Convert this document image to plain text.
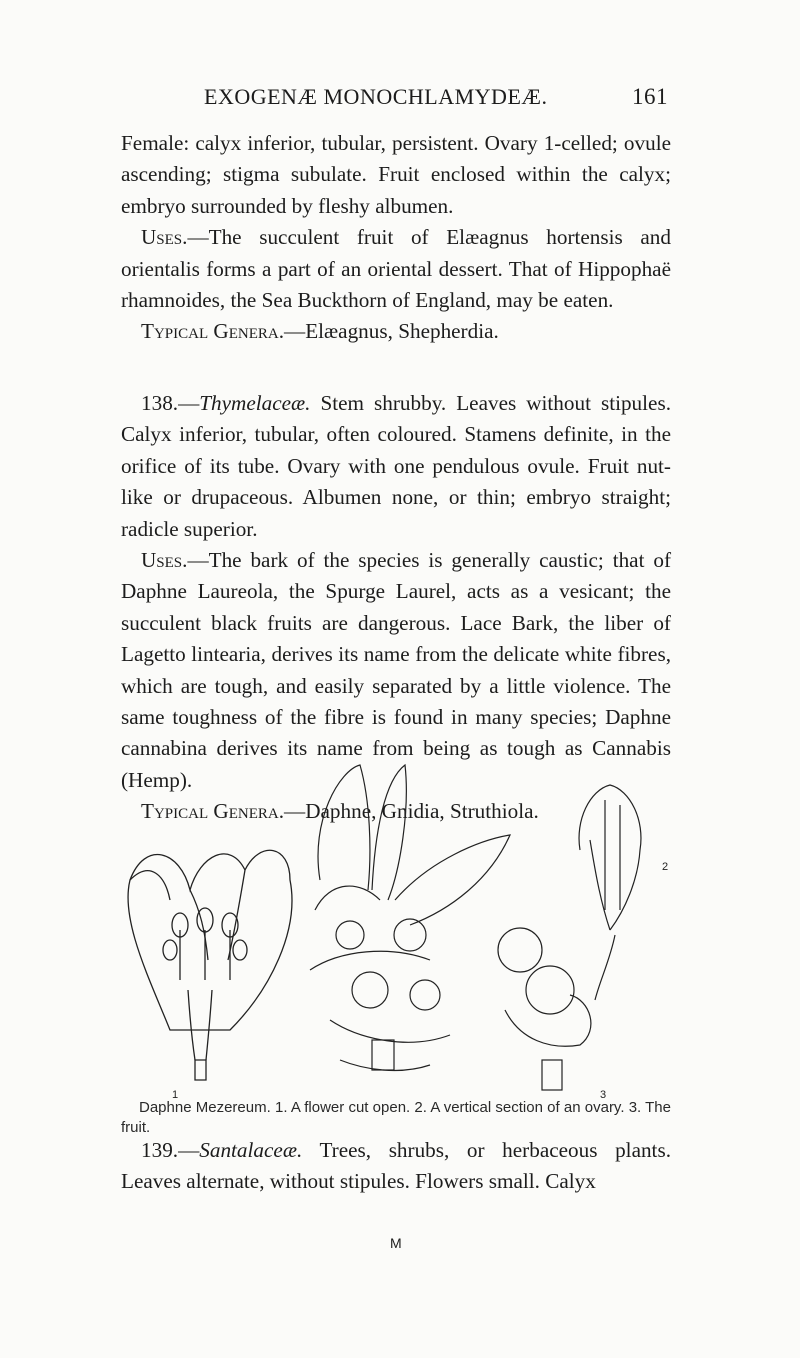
EXOGENÆ MONOCHLAMYDEÆ.	161

Female: calyx inferior, tubular, persistent. Ovary 1-celled; ovule ascending; stigma subulate. Fruit enclosed within the calyx; embryo surrounded by fleshy albumen.

Uses.—The succulent fruit of Elæagnus hortensis and orientalis forms a part of an oriental dessert. That of Hippophaë rhamnoides, the Sea Buckthorn of England, may be eaten.

Typical Genera.—Elæagnus, Shepherdia.

138.—Thymelaceæ. Stem shrubby. Leaves without stipules. Calyx inferior, tubular, often coloured. Stamens definite, in the orifice of its tube. Ovary with one pendulous ovule. Fruit nut-like or drupaceous. Albumen none, or thin; embryo straight; radicle superior.

Uses.—The bark of the species is generally caustic; that of Daphne Laureola, the Spurge Laurel, acts as a vesicant; the succulent black fruits are dangerous. Lace Bark, the liber of Lagetto lintearia, derives its name from the delicate white fibres, which are tough, and easily separated by a little violence. The same toughness of the fibre is found in many species; Daphne cannabina derives its name from being as tough as Cannabis (Hemp).

Typical Genera.—Daphne, Gnidia, Struthiola.

1
2
3

Daphne Mezereum. 1. A flower cut open. 2. A vertical section of an ovary. 3. The fruit.

139.—Santalaceæ. Trees, shrubs, or herbaceous plants. Leaves alternate, without stipules. Flowers small. Calyx

M
